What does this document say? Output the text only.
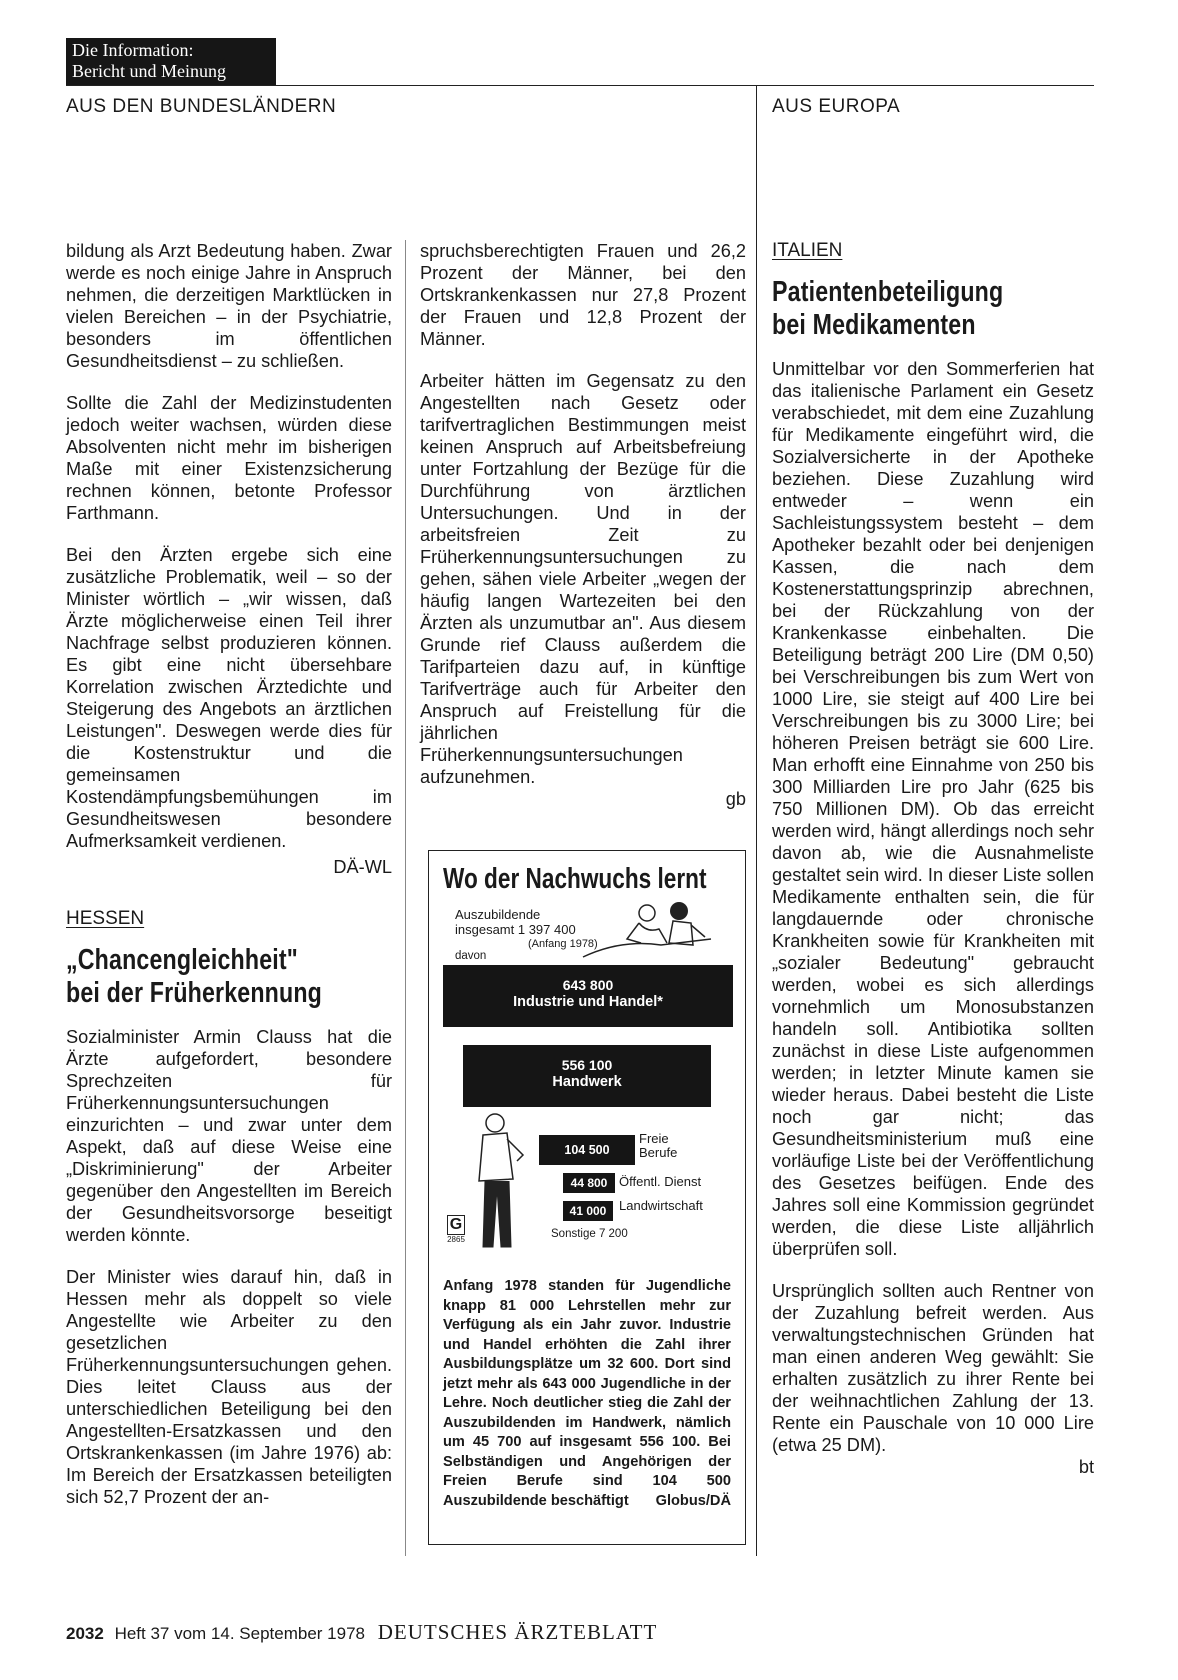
Die Information:
Bericht und Meinung
AUS DEN BUNDESLÄNDERN	AUS EUROPA

bildung als Arzt Bedeutung haben. Zwar werde es noch einige Jahre in Anspruch nehmen, die derzeitigen Marktlücken in vielen Bereichen – in der Psychiatrie, besonders im öffentlichen Gesundheitsdienst – zu schließen.

Sollte die Zahl der Medizinstudenten jedoch weiter wachsen, würden diese Absolventen nicht mehr im bisherigen Maße mit einer Existenzsicherung rechnen können, betonte Professor Farthmann.

Bei den Ärzten ergebe sich eine zusätzliche Problematik, weil – so der Minister wörtlich – „wir wissen, daß Ärzte möglicherweise einen Teil ihrer Nachfrage selbst produzieren können. Es gibt eine nicht übersehbare Korrelation zwischen Ärztedichte und Steigerung des Angebots an ärztlichen Leistungen". Deswegen werde dies für die Kostenstruktur und die gemeinsamen Kostendämpfungsbemühungen im Gesundheitswesen besondere Aufmerksamkeit verdienen.

DÄ-WL
HESSEN
„Chancengleichheit"
bei der Früherkennung

Sozialminister Armin Clauss hat die Ärzte aufgefordert, besondere Sprechzeiten für Früherkennungsuntersuchungen einzurichten – und zwar unter dem Aspekt, daß auf diese Weise eine „Diskriminierung" der Arbeiter gegenüber den Angestellten im Bereich der Gesundheitsvorsorge beseitigt werden könnte.

Der Minister wies darauf hin, daß in Hessen mehr als doppelt so viele Angestellte wie Arbeiter zu den gesetzlichen Früherkennungsuntersuchungen gehen. Dies leitet Clauss aus der unterschiedlichen Beteiligung bei den Angestellten-Ersatzkassen und den Ortskrankenkassen (im Jahre 1976) ab: Im Bereich der Ersatzkassen beteiligten sich 52,7 Prozent der an-

spruchsberechtigten Frauen und 26,2 Prozent der Männer, bei den Ortskrankenkassen nur 27,8 Prozent der Frauen und 12,8 Prozent der Männer.

Arbeiter hätten im Gegensatz zu den Angestellten nach Gesetz oder tarifvertraglichen Bestimmungen meist keinen Anspruch auf Arbeitsbefreiung unter Fortzahlung der Bezüge für die Durchführung von ärztlichen Untersuchungen. Und in der arbeitsfreien Zeit zu Früherkennungsuntersuchungen zu gehen, sähen viele Arbeiter „wegen der häufig langen Wartezeiten bei den Ärzten als unzumutbar an". Aus diesem Grunde rief Clauss außerdem die Tarifparteien dazu auf, in künftige Tarifverträge auch für Arbeiter den Anspruch auf Freistellung für die jährlichen Früherkennungsuntersuchungen aufzunehmen.

gb
Wo der Nachwuchs lernt
Auszubildende
insgesamt 1 397 400
(Anfang 1978)
davon
643 800
Industrie und Handel*
556 100
Handwerk
104 500
Freie
Berufe
44 800 Öffentl. Dienst
41 000 Landwirtschaft
Sonstige 7 200
G
2865
Anfang 1978 standen für Jugendliche knapp 81 000 Lehrstellen mehr zur Verfügung als ein Jahr zuvor. Industrie und Handel erhöhten die Zahl ihrer Ausbildungsplätze um 32 600. Dort sind jetzt mehr als 643 000 Jugendliche in der Lehre. Noch deutlicher stieg die Zahl der Auszubildenden im Handwerk, nämlich um 45 700 auf insgesamt 556 100. Bei Selbständigen und Angehörigen der Freien Berufe sind 104 500 Auszubildende beschäftigt Globus/DÄ
ITALIEN
Patientenbeteiligung
bei Medikamenten

Unmittelbar vor den Sommerferien hat das italienische Parlament ein Gesetz verabschiedet, mit dem eine Zuzahlung für Medikamente eingeführt wird, die Sozialversicherte in der Apotheke beziehen. Diese Zuzahlung wird entweder – wenn ein Sachleistungssystem besteht – dem Apotheker bezahlt oder bei denjenigen Kassen, die nach dem Kostenerstattungsprinzip abrechnen, bei der Rückzahlung von der Krankenkasse einbehalten. Die Beteiligung beträgt 200 Lire (DM 0,50) bei Verschreibungen bis zum Wert von 1000 Lire, sie steigt auf 400 Lire bei Verschreibungen bis zu 3000 Lire; bei höheren Preisen beträgt sie 600 Lire. Man erhofft eine Einnahme von 250 bis 300 Milliarden Lire pro Jahr (625 bis 750 Millionen DM). Ob das erreicht werden wird, hängt allerdings noch sehr davon ab, wie die Ausnahmeliste gestaltet sein wird. In dieser Liste sollen Medikamente enthalten sein, die für langdauernde oder chronische Krankheiten sowie für Krankheiten mit „sozialer Bedeutung" gebraucht werden, wobei es sich allerdings vornehmlich um Monosubstanzen handeln soll. Antibiotika sollten zunächst in diese Liste aufgenommen werden; in letzter Minute kamen sie wieder heraus. Dabei besteht die Liste noch gar nicht; das Gesundheitsministerium muß eine vorläufige Liste bei der Veröffentlichung des Gesetzes beifügen. Ende des Jahres soll eine Kommission gegründet werden, die diese Liste alljährlich überprüfen soll.

Ursprünglich sollten auch Rentner von der Zuzahlung befreit werden. Aus verwaltungstechnischen Gründen hat man einen anderen Weg gewählt: Sie erhalten zusätzlich zu ihrer Rente bei der weihnachtlichen Zahlung der 13. Rente ein Pauschale von 10 000 Lire (etwa 25 DM).

bt
2032 Heft 37 vom 14. September 1978 DEUTSCHES ÄRZTEBLATT
